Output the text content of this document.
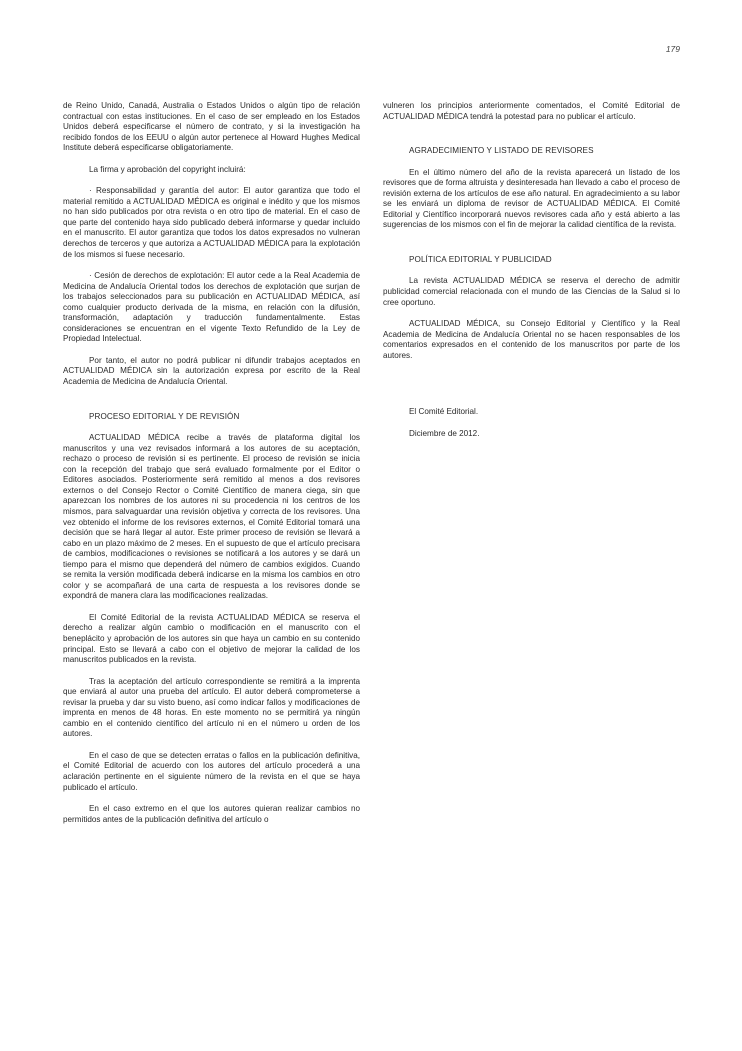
179

de Reino Unido, Canadá, Australia o Estados Unidos o algún tipo de relación contractual con estas instituciones. En el caso de ser empleado en los Estados Unidos deberá especificarse el número de contrato, y si la investigación ha recibido fondos de los EEUU o algún autor pertenece al Howard Hughes Medical Institute deberá especificarse obligatoriamente.

La firma y aprobación del copyright incluirá:

· Responsabilidad y garantía del autor: El autor garantiza que todo el material remitido a ACTUALIDAD MÉDICA es original e inédito y que los mismos no han sido publicados por otra revista o en otro tipo de material. En el caso de que parte del contenido haya sido publicado deberá informarse y quedar incluido en el manuscrito. El autor garantiza que todos los datos expresados no vulneran derechos de terceros y que autoriza a ACTUALIDAD MÉDICA para la explotación de los mismos si fuese necesario.

· Cesión de derechos de explotación: El autor cede a la Real Academia de Medicina de Andalucía Oriental todos los derechos de explotación que surjan de los trabajos seleccionados para su publicación en ACTUALIDAD MÉDICA, así como cualquier producto derivada de la misma, en relación con la difusión, transformación, adaptación y traducción fundamentalmente. Estas consideraciones se encuentran en el vigente Texto Refundido de la Ley de Propiedad Intelectual.

Por tanto, el autor no podrá publicar ni difundir trabajos aceptados en ACTUALIDAD MÉDICA sin la autorización expresa por escrito de la Real Academia de Medicina de Andalucía Oriental.

PROCESO EDITORIAL Y DE REVISIÓN

ACTUALIDAD MÉDICA recibe a través de plataforma digital los manuscritos y una vez revisados informará a los autores de su aceptación, rechazo o proceso de revisión si es pertinente. El proceso de revisión se inicia con la recepción del trabajo que será evaluado formalmente por el Editor o Editores asociados. Posteriormente será remitido al menos a dos revisores externos o del Consejo Rector o Comité Científico de manera ciega, sin que aparezcan los nombres de los autores ni su procedencia ni los centros de los mismos, para salvaguardar una revisión objetiva y correcta de los revisores. Una vez obtenido el informe de los revisores externos, el Comité Editorial tomará una decisión que se hará llegar al autor. Este primer proceso de revisión se llevará a cabo en un plazo máximo de 2 meses. En el supuesto de que el artículo precisara de cambios, modificaciones o revisiones se notificará a los autores y se dará un tiempo para el mismo que dependerá del número de cambios exigidos. Cuando se remita la versión modificada deberá indicarse en la misma los cambios en otro color y se acompañará de una carta de respuesta a los revisores donde se expondrá de manera clara las modificaciones realizadas.

El Comité Editorial de la revista ACTUALIDAD MÉDICA se reserva el derecho a realizar algún cambio o modificación en el manuscrito con el beneplácito y aprobación de los autores sin que haya un cambio en su contenido principal. Esto se llevará a cabo con el objetivo de mejorar la calidad de los manuscritos publicados en la revista.

Tras la aceptación del artículo correspondiente se remitirá a la imprenta que enviará al autor una prueba del artículo. El autor deberá comprometerse a revisar la prueba y dar su visto bueno, así como indicar fallos y modificaciones de imprenta en menos de 48 horas. En este momento no se permitirá ya ningún cambio en el contenido científico del artículo ni en el número u orden de los autores.

En el caso de que se detecten erratas o fallos en la publicación definitiva, el Comité Editorial de acuerdo con los autores del artículo procederá a una aclaración pertinente en el siguiente número de la revista en el que se haya publicado el artículo.

En el caso extremo en el que los autores quieran realizar cambios no permitidos antes de la publicación definitiva del artículo o

vulneren los principios anteriormente comentados, el Comité Editorial de ACTUALIDAD MÉDICA tendrá la potestad para no publicar el artículo.

AGRADECIMIENTO Y LISTADO DE REVISORES

En el último número del año de la revista aparecerá un listado de los revisores que de forma altruista y desinteresada han llevado a cabo el proceso de revisión externa de los artículos de ese año natural. En agradecimiento a su labor se les enviará un diploma de revisor de ACTUALIDAD MÉDICA. El Comité Editorial y Científico incorporará nuevos revisores cada año y está abierto a las sugerencias de los mismos con el fin de mejorar la calidad científica de la revista.

POLÍTICA EDITORIAL Y PUBLICIDAD

La revista ACTUALIDAD MÉDICA se reserva el derecho de admitir publicidad comercial relacionada con el mundo de las Ciencias de la Salud si lo cree oportuno.

ACTUALIDAD MÉDICA, su Consejo Editorial y Científico y la Real Academia de Medicina de Andalucía Oriental no se hacen responsables de los comentarios expresados en el contenido de los manuscritos por parte de los autores.

El Comité Editorial.

Diciembre de 2012.
